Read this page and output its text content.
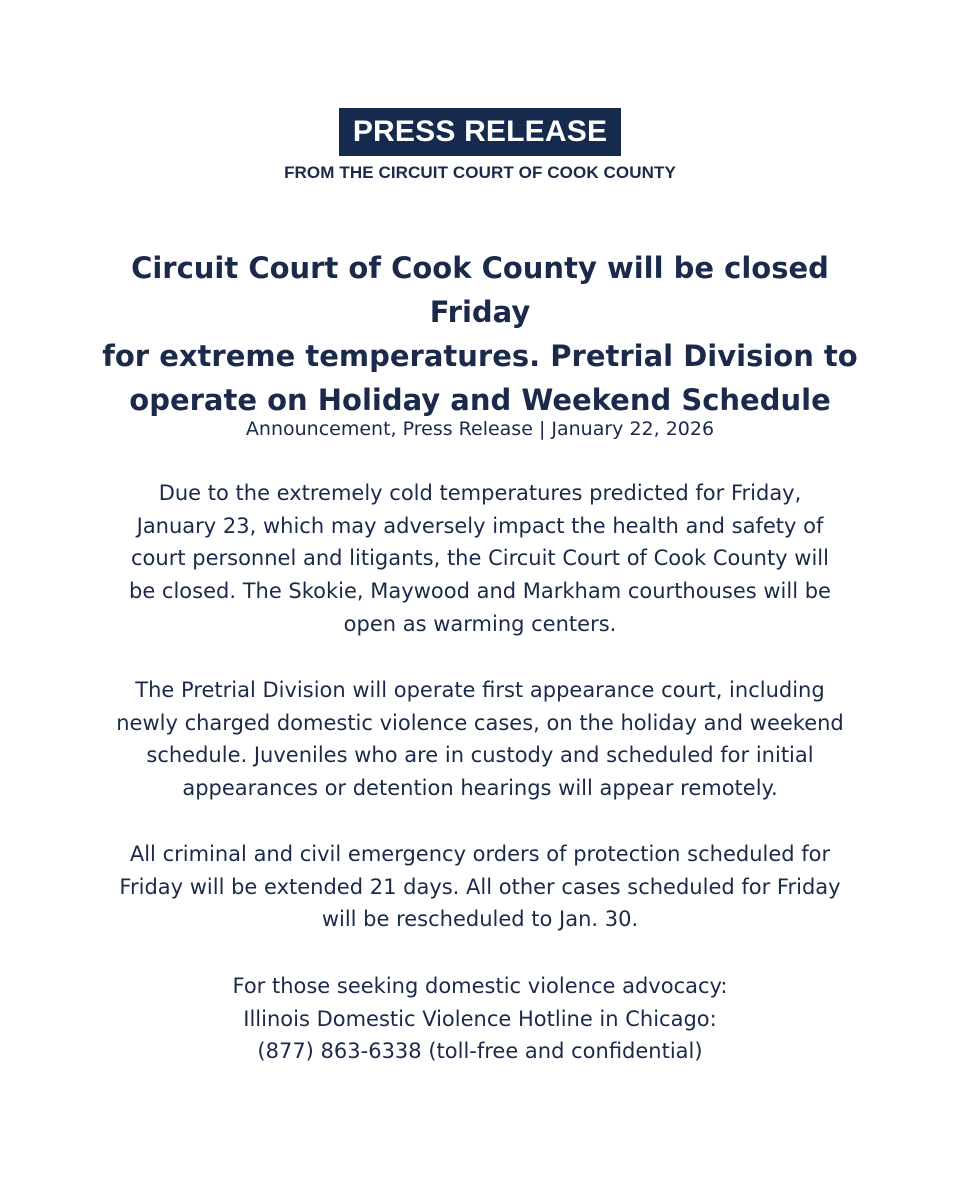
PRESS RELEASE
FROM THE CIRCUIT COURT OF COOK COUNTY
Circuit Court of Cook County will be closed Friday
for extreme temperatures. Pretrial Division to
operate on Holiday and Weekend Schedule
Announcement, Press Release | January 22, 2026

Due to the extremely cold temperatures predicted for Friday,
January 23, which may adversely impact the health and safety of
court personnel and litigants, the Circuit Court of Cook County will
be closed. The Skokie, Maywood and Markham courthouses will be
open as warming centers.

The Pretrial Division will operate first appearance court, including
newly charged domestic violence cases, on the holiday and weekend
schedule. Juveniles who are in custody and scheduled for initial
appearances or detention hearings will appear remotely.

All criminal and civil emergency orders of protection scheduled for
Friday will be extended 21 days. All other cases scheduled for Friday
will be rescheduled to Jan. 30.

For those seeking domestic violence advocacy:
Illinois Domestic Violence Hotline in Chicago:
(877) 863-6338 (toll-free and confidential)
